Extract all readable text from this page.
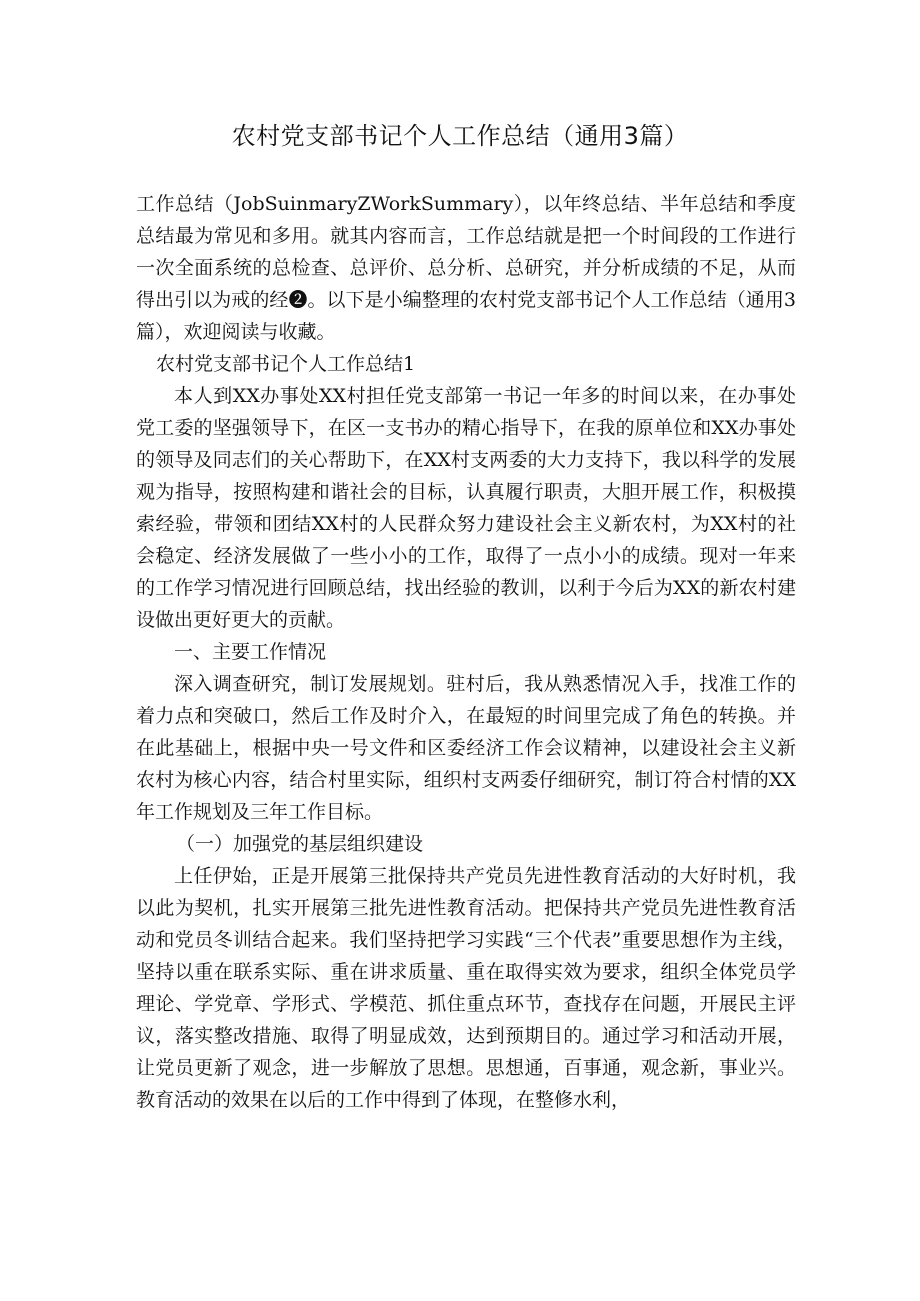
农村党支部书记个人工作总结（通用3篇）

工作总结（JobSuinmaryZWorkSummary），以年终总结、半年总结和季度总结最为常见和多用。就其内容而言，工作总结就是把一个时间段的工作进行一次全面系统的总检查、总评价、总分析、总研究，并分析成绩的不足，从而得出引以为戒的经❷。以下是小编整理的农村党支部书记个人工作总结（通用3篇），欢迎阅读与收藏。

农村党支部书记个人工作总结1

本人到XX办事处XX村担任党支部第一书记一年多的时间以来，在办事处党工委的坚强领导下，在区一支书办的精心指导下，在我的原单位和XX办事处的领导及同志们的关心帮助下，在XX村支两委的大力支持下，我以科学的发展观为指导，按照构建和谐社会的目标，认真履行职责，大胆开展工作，积极摸索经验，带领和团结XX村的人民群众努力建设社会主义新农村，为XX村的社会稳定、经济发展做了一些小小的工作，取得了一点小小的成绩。现对一年来的工作学习情况进行回顾总结，找出经验的教训，以利于今后为XX的新农村建设做出更好更大的贡献。

一、主要工作情况

深入调查研究，制订发展规划。驻村后，我从熟悉情况入手，找准工作的着力点和突破口，然后工作及时介入，在最短的时间里完成了角色的转换。并在此基础上，根据中央一号文件和区委经济工作会议精神，以建设社会主义新农村为核心内容，结合村里实际，组织村支两委仔细研究，制订符合村情的XX年工作规划及三年工作目标。

（一）加强党的基层组织建设

上任伊始，正是开展第三批保持共产党员先进性教育活动的大好时机，我以此为契机，扎实开展第三批先进性教育活动。把保持共产党员先进性教育活动和党员冬训结合起来。我们坚持把学习实践“三个代表”重要思想作为主线，坚持以重在联系实际、重在讲求质量、重在取得实效为要求，组织全体党员学理论、学党章、学形式、学模范、抓住重点环节，查找存在问题，开展民主评议，落实整改措施、取得了明显成效，达到预期目的。通过学习和活动开展，让党员更新了观念，进一步解放了思想。思想通，百事通，观念新，事业兴。教育活动的效果在以后的工作中得到了体现，在整修水利，
